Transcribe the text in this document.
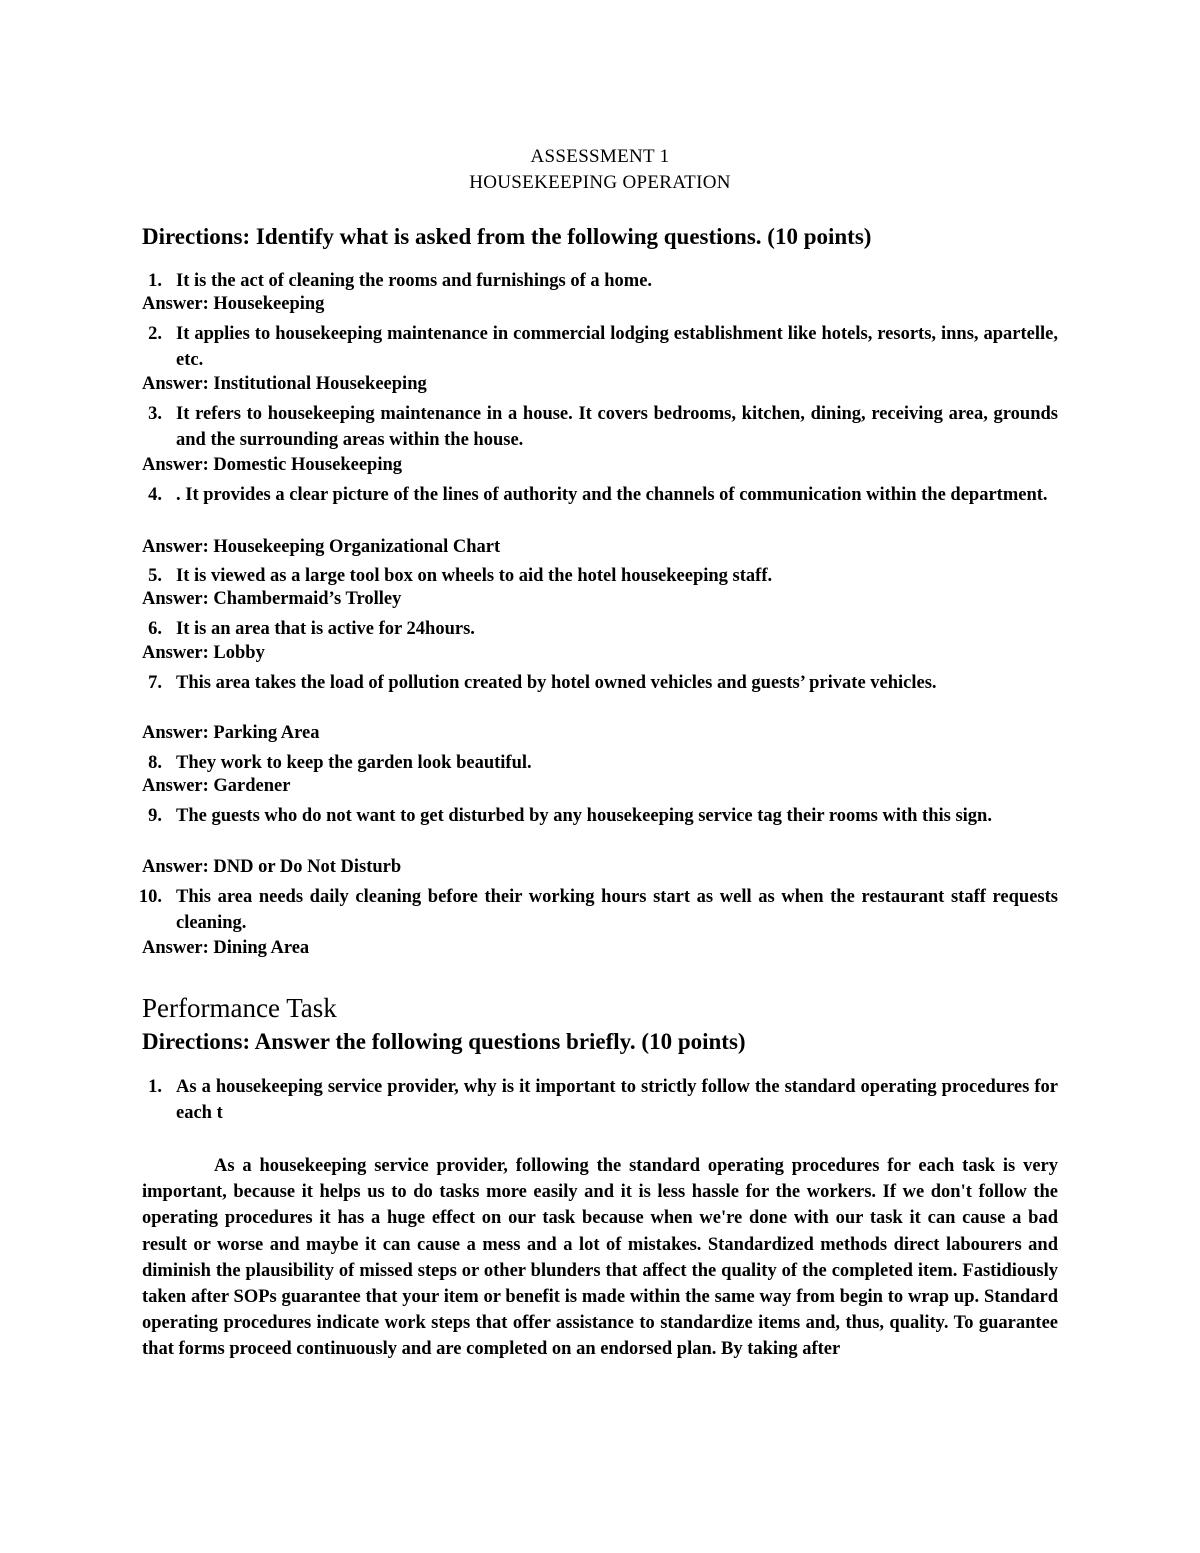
ASSESSMENT 1
HOUSEKEEPING OPERATION
Directions: Identify what is asked from the following questions. (10 points)
1. It is the act of cleaning the rooms and furnishings of a home.
Answer: Housekeeping
2. It applies to housekeeping maintenance in commercial lodging establishment like hotels, resorts, inns, apartelle, etc.
Answer: Institutional Housekeeping
3. It refers to housekeeping maintenance in a house. It covers bedrooms, kitchen, dining, receiving area, grounds and the surrounding areas within the house.
Answer: Domestic Housekeeping
4. . It provides a clear picture of the lines of authority and the channels of communication within the department.
Answer: Housekeeping Organizational Chart
5. It is viewed as a large tool box on wheels to aid the hotel housekeeping staff.
Answer: Chambermaid’s Trolley
6. It is an area that is active for 24hours.
Answer: Lobby
7. This area takes the load of pollution created by hotel owned vehicles and guests’ private vehicles.
Answer: Parking Area
8. They work to keep the garden look beautiful.
Answer: Gardener
9. The guests who do not want to get disturbed by any housekeeping service tag their rooms with this sign.
Answer: DND or Do Not Disturb
10. This area needs daily cleaning before their working hours start as well as when the restaurant staff requests cleaning.
Answer: Dining Area
Performance Task
Directions: Answer the following questions briefly. (10 points)
1. As a housekeeping service provider, why is it important to strictly follow the standard operating procedures for each t
As a housekeeping service provider, following the standard operating procedures for each task is very important, because it helps us to do tasks more easily and it is less hassle for the workers. If we don't follow the operating procedures it has a huge effect on our task because when we're done with our task it can cause a bad result or worse and maybe it can cause a mess and a lot of mistakes. Standardized methods direct labourers and diminish the plausibility of missed steps or other blunders that affect the quality of the completed item. Fastidiously taken after SOPs guarantee that your item or benefit is made within the same way from begin to wrap up. Standard operating procedures indicate work steps that offer assistance to standardize items and, thus, quality. To guarantee that forms proceed continuously and are completed on an endorsed plan. By taking after
